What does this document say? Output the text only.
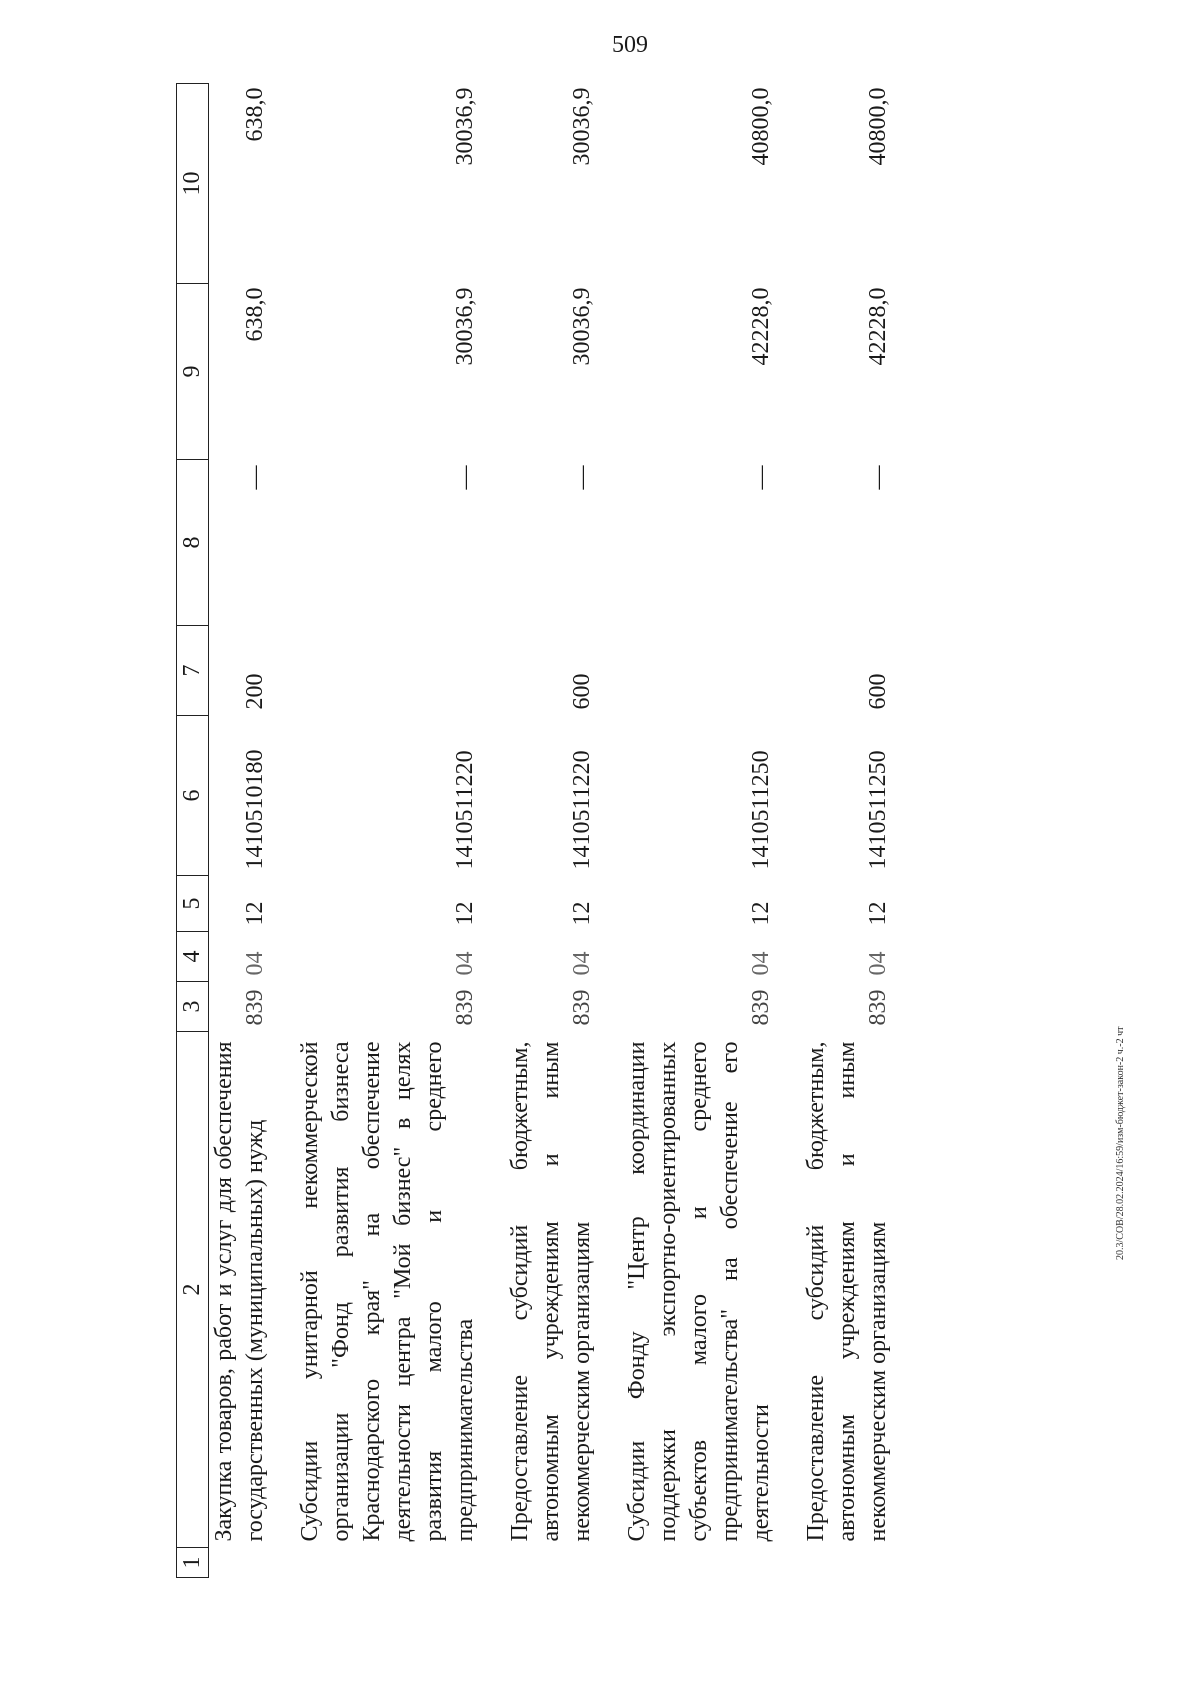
509
20.3/СОВ/28.02.2024/16:59/изм-бюджет-закон-2 ч.-2 чт
1	2	3	4	5	6	7	8	9	10
	Закупка товаров, работ и услуг для обеспечения государственных (муниципальных) нужд	839	04	12	1410510180	200	—	638,0	638,0
	Субсидии унитарной некоммерческой организации "Фонд развития бизнеса Краснодарского края" на обеспечение деятельности центра "Мой бизнес" в целях развития малого и среднего предпринимательства	839	04	12	1410511220		—	30036,9	30036,9
	Предоставление субсидий бюджетным, автономным учреждениям и иным некоммерческим организациям	839	04	12	1410511220	600	—	30036,9	30036,9
	Субсидии Фонду "Центр координации поддержки экспортно-ориентированных субъектов малого и среднего предпринимательства" на обеспечение его деятельности	839	04	12	1410511250		—	42228,0	40800,0
	Предоставление субсидий бюджетным, автономным учреждениям и иным некоммерческим организациям	839	04	12	1410511250	600	—	42228,0	40800,0
